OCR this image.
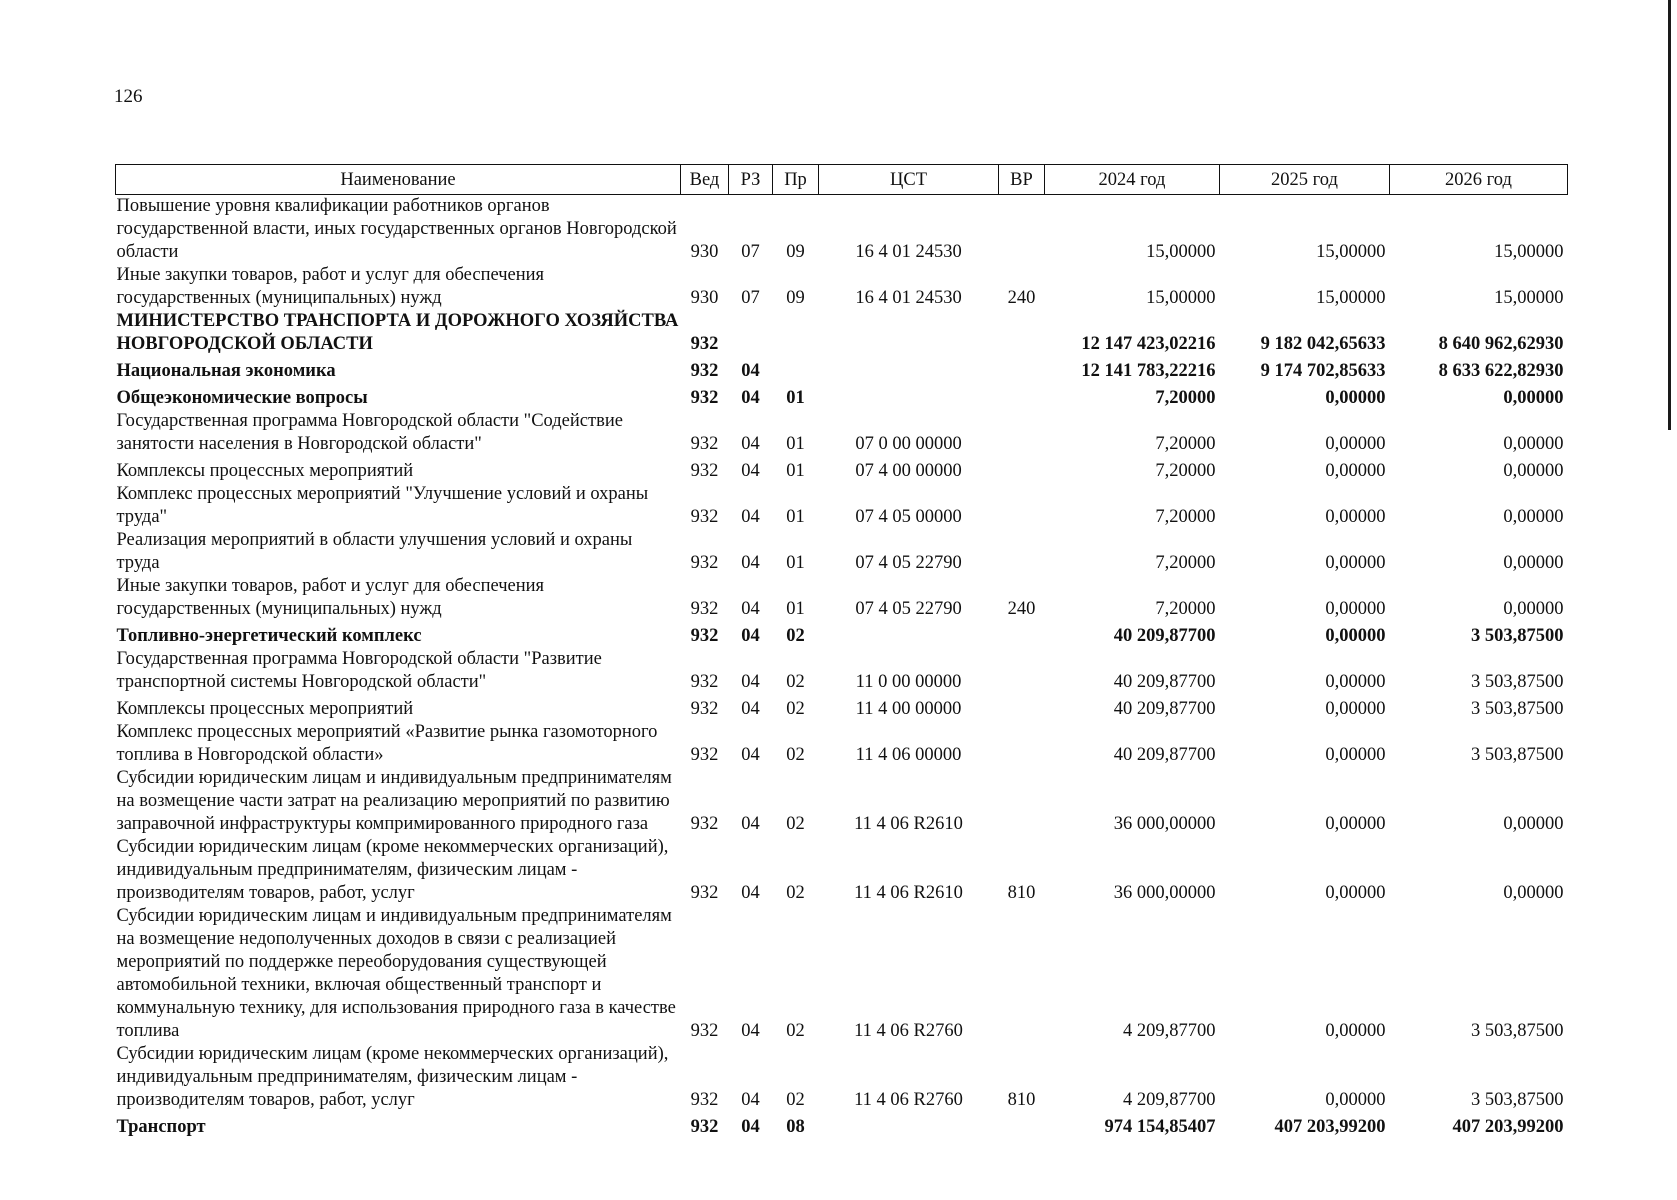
126
Наименование	Вед	РЗ	Пр	ЦСТ	ВР	2024 год	2025 год	2026 год
Повышение уровня квалификации работников органов государственной власти, иных государственных органов Новгородской области	930	07	09	16 4 01 24530		15,00000	15,00000	15,00000
Иные закупки товаров, работ и услуг для обеспечения государственных (муниципальных) нужд	930	07	09	16 4 01 24530	240	15,00000	15,00000	15,00000
МИНИСТЕРСТВО ТРАНСПОРТА И ДОРОЖНОГО ХОЗЯЙСТВА НОВГОРОДСКОЙ ОБЛАСТИ	932					12 147 423,02216	9 182 042,65633	8 640 962,62930
Национальная экономика	932	04				12 141 783,22216	9 174 702,85633	8 633 622,82930
Общеэкономические вопросы	932	04	01			7,20000	0,00000	0,00000
Государственная программа Новгородской области "Содействие занятости населения в Новгородской области"	932	04	01	07 0 00 00000		7,20000	0,00000	0,00000
Комплексы процессных мероприятий	932	04	01	07 4 00 00000		7,20000	0,00000	0,00000
Комплекс процессных мероприятий "Улучшение условий и охраны труда"	932	04	01	07 4 05 00000		7,20000	0,00000	0,00000
Реализация мероприятий в области улучшения условий и охраны труда	932	04	01	07 4 05 22790		7,20000	0,00000	0,00000
Иные закупки товаров, работ и услуг для обеспечения государственных (муниципальных) нужд	932	04	01	07 4 05 22790	240	7,20000	0,00000	0,00000
Топливно-энергетический комплекс	932	04	02			40 209,87700	0,00000	3 503,87500
Государственная программа Новгородской области "Развитие транспортной системы Новгородской области"	932	04	02	11 0 00 00000		40 209,87700	0,00000	3 503,87500
Комплексы процессных мероприятий	932	04	02	11 4 00 00000		40 209,87700	0,00000	3 503,87500
Комплекс процессных мероприятий «Развитие рынка газомоторного топлива в Новгородской области»	932	04	02	11 4 06 00000		40 209,87700	0,00000	3 503,87500
Субсидии юридическим лицам и индивидуальным предпринимателям на возмещение части затрат на реализацию мероприятий по развитию заправочной инфраструктуры компримированного природного газа	932	04	02	11 4 06 R2610		36 000,00000	0,00000	0,00000
Субсидии юридическим лицам (кроме некоммерческих организаций), индивидуальным предпринимателям, физическим лицам - производителям товаров, работ, услуг	932	04	02	11 4 06 R2610	810	36 000,00000	0,00000	0,00000
Субсидии юридическим лицам и индивидуальным предпринимателям на возмещение недополученных доходов в связи с реализацией мероприятий по поддержке переоборудования существующей автомобильной техники, включая общественный транспорт и коммунальную технику, для использования природного газа в качестве топлива	932	04	02	11 4 06 R2760		4 209,87700	0,00000	3 503,87500
Субсидии юридическим лицам (кроме некоммерческих организаций), индивидуальным предпринимателям, физическим лицам - производителям товаров, работ, услуг	932	04	02	11 4 06 R2760	810	4 209,87700	0,00000	3 503,87500
Транспорт	932	04	08			974 154,85407	407 203,99200	407 203,99200
